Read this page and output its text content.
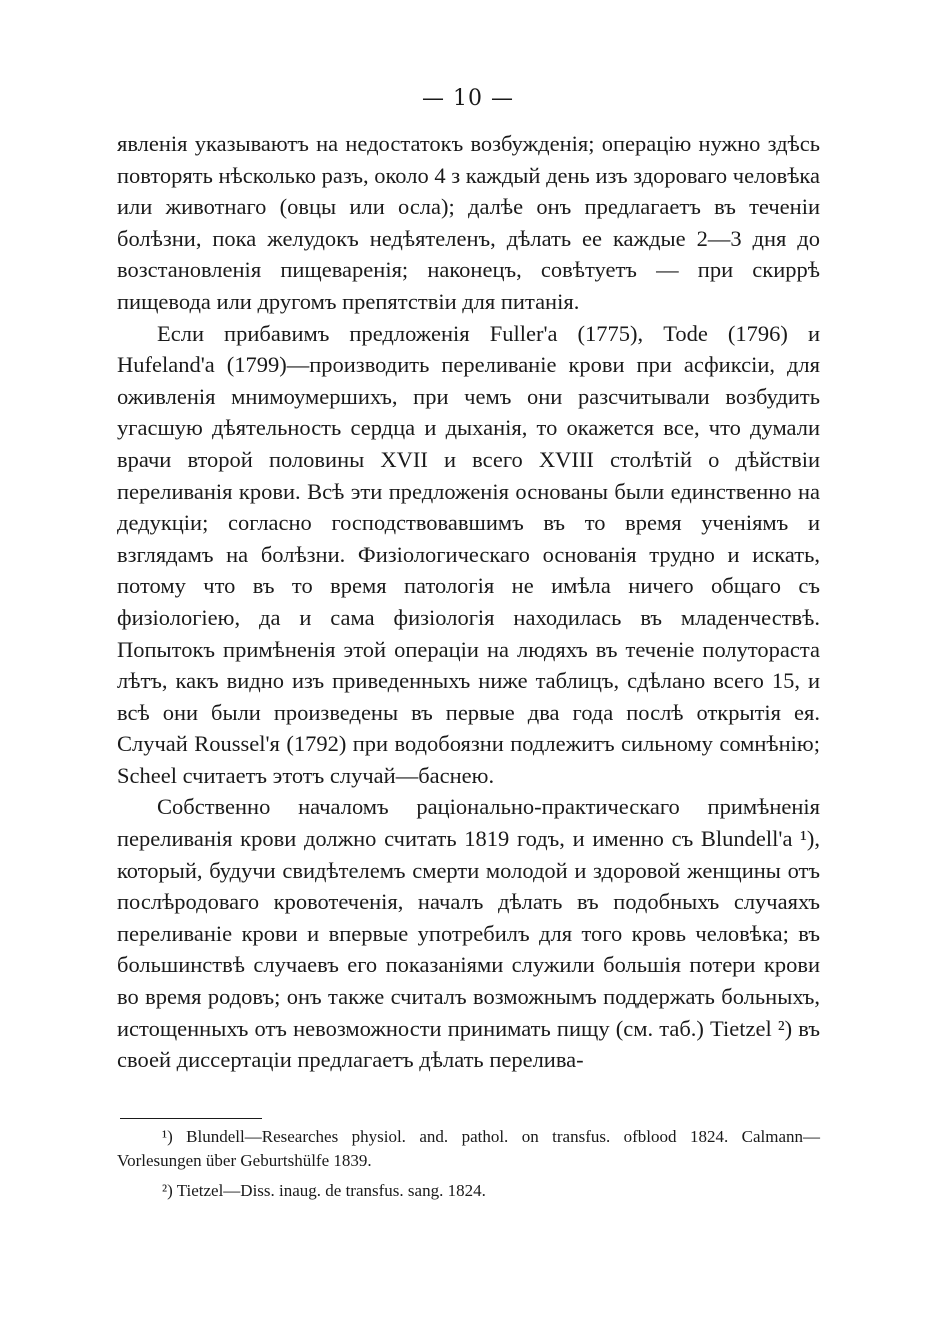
— 10 —

явленія указываютъ на недостатокъ возбужденія; операцію нужно здѣсь повторять нѣсколько разъ, около 4 з каждый день изъ здороваго человѣка или животнаго (овцы или осла); далѣе онъ предлагаетъ въ теченіи болѣзни, пока желудокъ недѣятеленъ, дѣлать ее каждые 2—3 дня до возстановленія пищеваренія; наконецъ, совѣтуетъ — при скиррѣ пищевода или другомъ препятствіи для питанія.

Если прибавимъ предложенія Fuller'а (1775), Tode (1796) и Hufeland'а (1799)—производить переливаніе крови при асфиксіи, для оживленія мнимоумершихъ, при чемъ они разсчитывали возбудить угасшую дѣятельность сердца и дыханія, то окажется все, что думали врачи второй половины XVII и всего XVIII столѣтій о дѣйствіи переливанія крови. Всѣ эти предложенія основаны были единственно на дедукціи; согласно господствовавшимъ въ то время ученіямъ и взглядамъ на болѣзни. Физіологическаго основанія трудно и искать, потому что въ то время патологія не имѣла ничего общаго съ физіологіею, да и сама физіологія находилась въ младенчествѣ. Попытокъ примѣненія этой операціи на людяхъ въ теченіе полуторaста лѣтъ, какъ видно изъ приведенныхъ ниже таблицъ, сдѣлано всего 15, и всѣ они были произведены въ первые два года послѣ открытія ея. Случай Roussel'я (1792) при водобоязни подлежитъ сильному сомнѣнію; Scheel считаетъ этотъ случай—баснею.

Собственно началомъ раціонально-практическаго примѣненія переливанія крови должно считать 1819 годъ, и именно съ Blundell'а ¹), который, будучи свидѣтелемъ смерти молодой и здоровой женщины отъ послѣродоваго кровотеченія, началъ дѣлать въ подобныхъ случаяхъ переливаніе крови и впервые употребилъ для того кровь человѣка; въ большинствѣ случаевъ его показаніями служили большія потери крови во время родовъ; онъ также считалъ возможнымъ поддержать больныхъ, истощенныхъ отъ невозможности принимать пищу (см. таб.) Tietzel ²) въ своей диссертаціи предлагаетъ дѣлать перелива-

¹) Blundell—Researches physiol. and. pathol. on transfus. ofblood 1824. Calmann—Vorlesungen über Geburtshülfe 1839.

²) Tietzel—Diss. inaug. de transfus. sang. 1824.
